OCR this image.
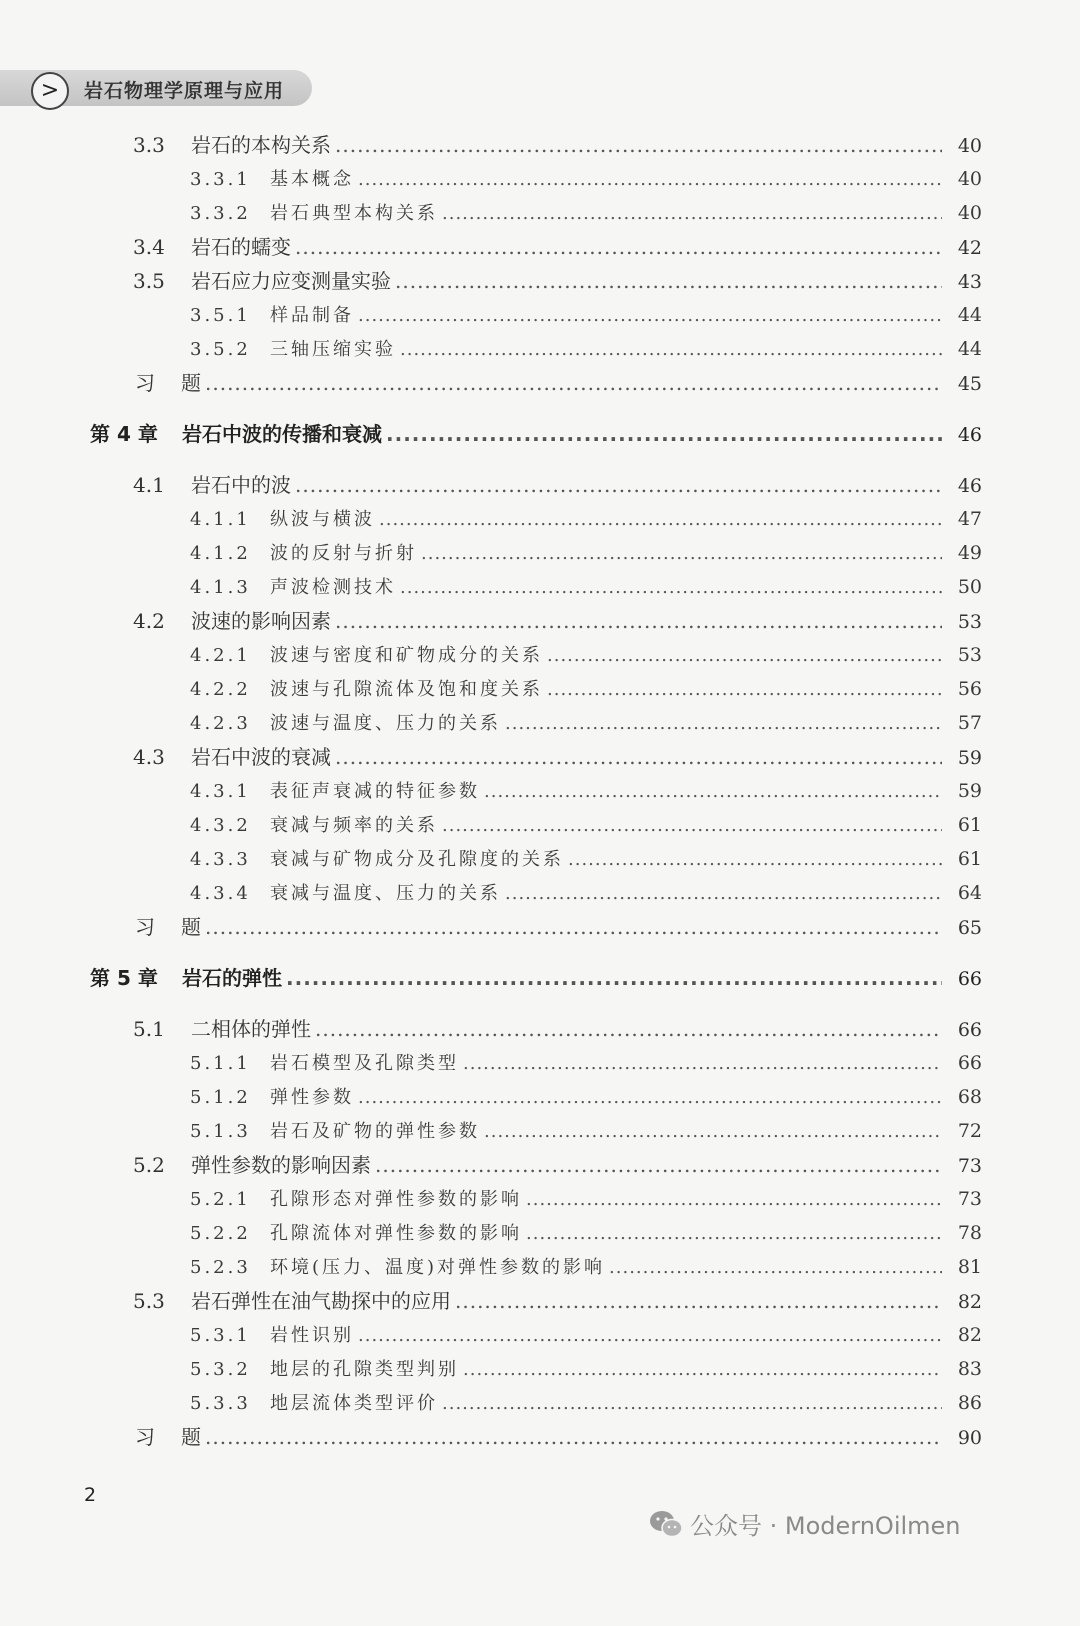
>	岩石物理学原理与应用
3.3	岩石的本构关系 .....	40
3.3.1	基本概念 .....	40
3.3.2	岩石典型本构关系 .....	40
3.4	岩石的蠕变 .....	42
3.5	岩石应力应变测量实验 .....	43
3.5.1	样品制备 .....	44
3.5.2	三轴压缩实验 .....	44
习	题 .....	45
第 4 章	岩石中波的传播和衰减 .....	46
4.1	岩石中的波 .....	46
4.1.1	纵波与横波 .....	47
4.1.2	波的反射与折射 .....	49
4.1.3	声波检测技术 .....	50
4.2	波速的影响因素 .....	53
4.2.1	波速与密度和矿物成分的关系 .....	53
4.2.2	波速与孔隙流体及饱和度关系 .....	56
4.2.3	波速与温度、压力的关系 .....	57
4.3	岩石中波的衰减 .....	59
4.3.1	表征声衰减的特征参数 .....	59
4.3.2	衰减与频率的关系 .....	61
4.3.3	衰减与矿物成分及孔隙度的关系 .....	61
4.3.4	衰减与温度、压力的关系 .....	64
习	题 .....	65
第 5 章	岩石的弹性 .....	66
5.1	二相体的弹性 .....	66
5.1.1	岩石模型及孔隙类型 .....	66
5.1.2	弹性参数 .....	68
5.1.3	岩石及矿物的弹性参数 .....	72
5.2	弹性参数的影响因素 .....	73
5.2.1	孔隙形态对弹性参数的影响 .....	73
5.2.2	孔隙流体对弹性参数的影响 .....	78
5.2.3	环境(压力、温度)对弹性参数的影响 .....	81
5.3	岩石弹性在油气勘探中的应用 .....	82
5.3.1	岩性识别 .....	82
5.3.2	地层的孔隙类型判别 .....	83
5.3.3	地层流体类型评价 .....	86
习	题 .....	90
2
公众号 · ModernOilmen
